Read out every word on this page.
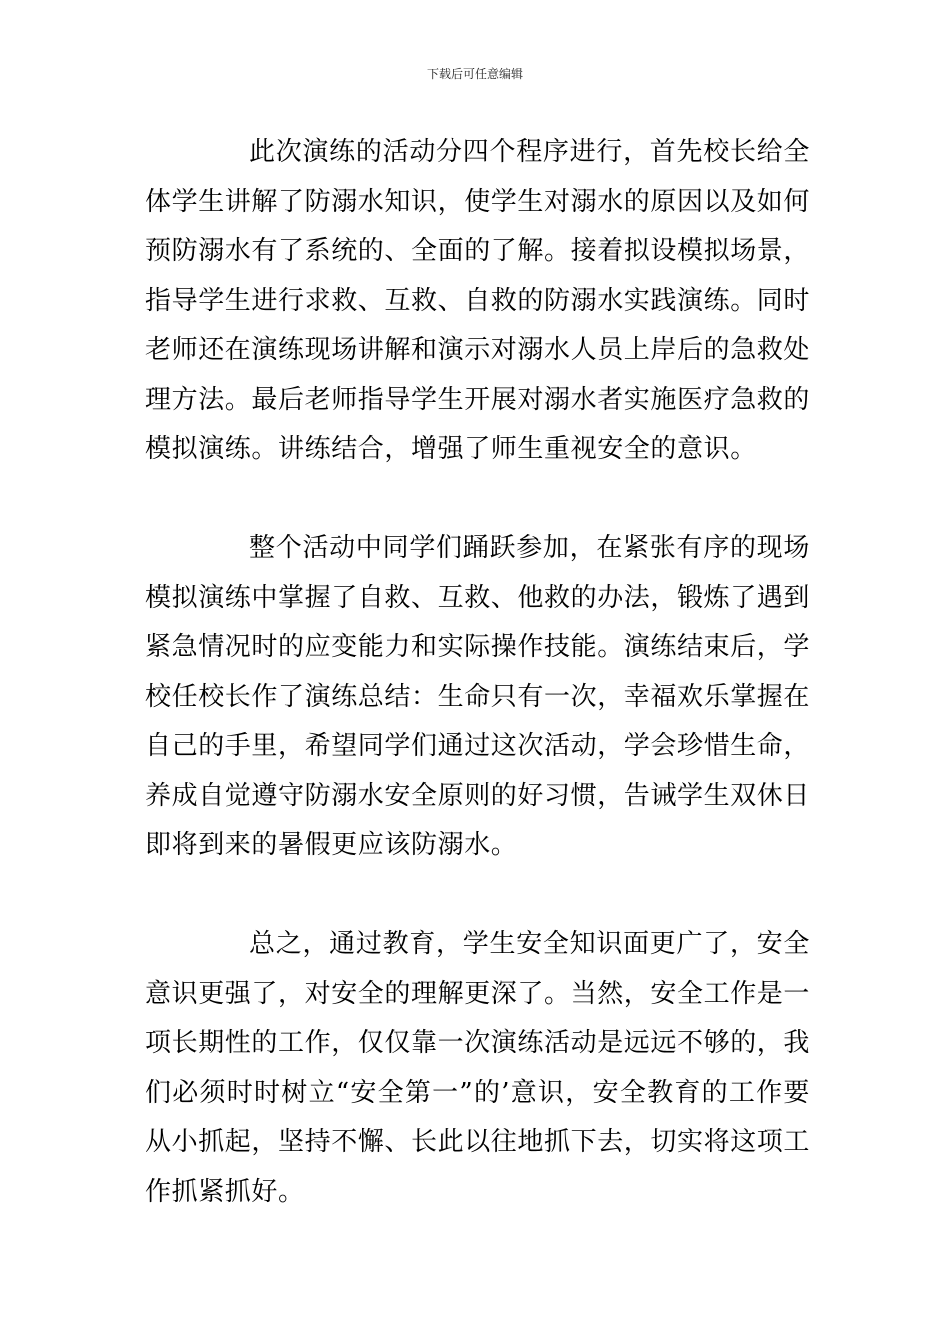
下载后可任意编辑

此次演练的活动分四个程序进行，首先校长给全体学生讲解了防溺水知识，使学生对溺水的原因以及如何预防溺水有了系统的、全面的了解。接着拟设模拟场景，指导学生进行求救、互救、自救的防溺水实践演练。同时老师还在演练现场讲解和演示对溺水人员上岸后的急救处理方法。最后老师指导学生开展对溺水者实施医疗急救的模拟演练。讲练结合，增强了师生重视安全的意识。

整个活动中同学们踊跃参加，在紧张有序的现场模拟演练中掌握了自救、互救、他救的办法，锻炼了遇到紧急情况时的应变能力和实际操作技能。演练结束后，学校任校长作了演练总结：生命只有一次，幸福欢乐掌握在自己的手里，希望同学们通过这次活动，学会珍惜生命，养成自觉遵守防溺水安全原则的好习惯，告诫学生双休日即将到来的暑假更应该防溺水。

总之，通过教育，学生安全知识面更广了，安全意识更强了，对安全的理解更深了。当然，安全工作是一项长期性的工作，仅仅靠一次演练活动是远远不够的，我们必须时时树立“安全第一”的’意识，安全教育的工作要从小抓起，坚持不懈、长此以往地抓下去，切实将这项工作抓紧抓好。
